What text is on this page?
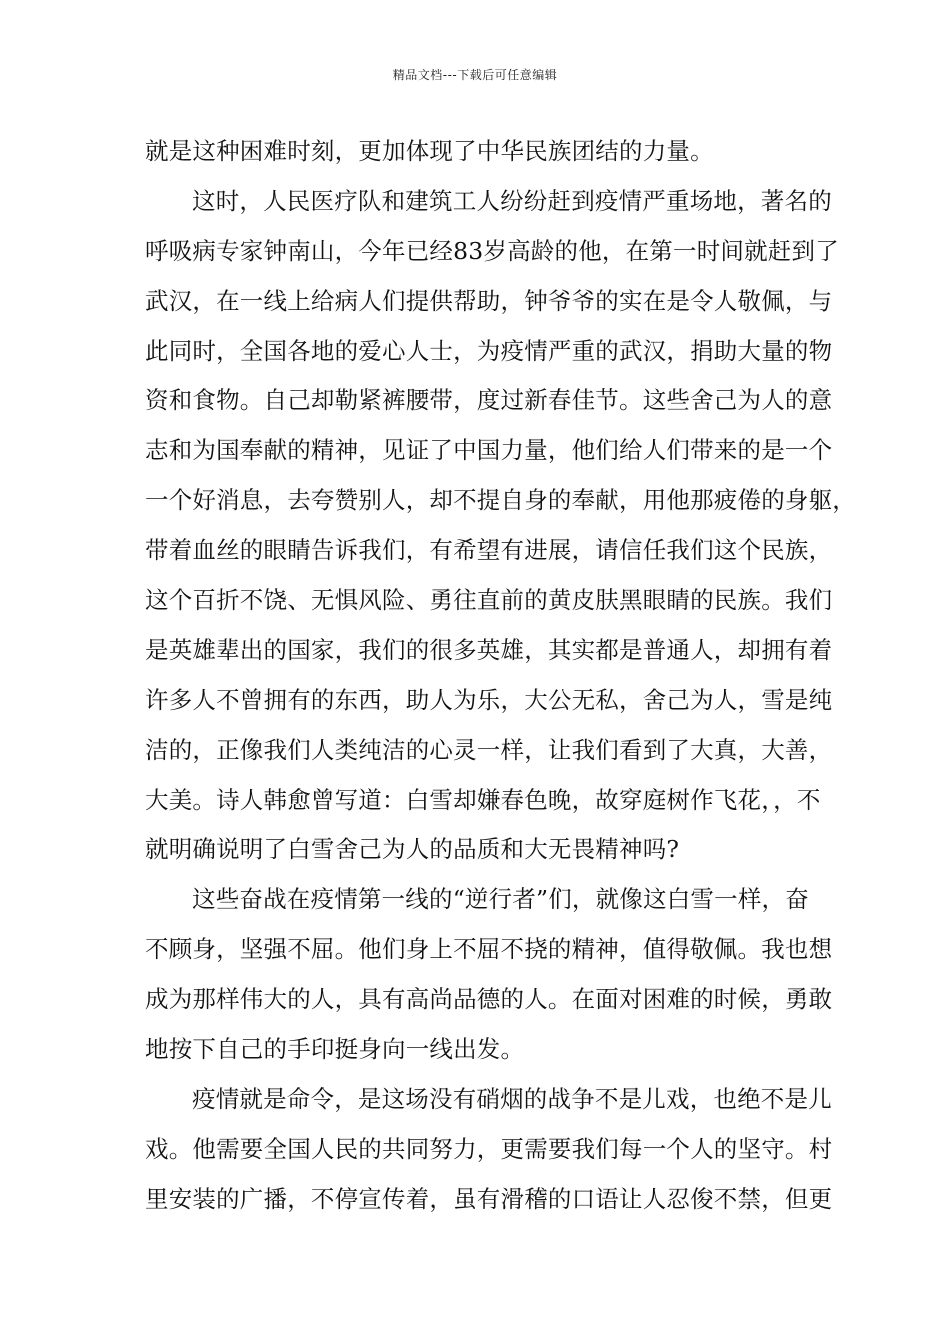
精品文档---下载后可任意编辑
就是这种困难时刻，更加体现了中华民族团结的力量。
这时，人民医疗队和建筑工人纷纷赶到疫情严重场地，著名的
呼吸病专家钟南山，今年已经83岁高龄的他，在第一时间就赶到了
武汉，在一线上给病人们提供帮助，钟爷爷的实在是令人敬佩，与
此同时，全国各地的爱心人士，为疫情严重的武汉，捐助大量的物
资和食物。自己却勒紧裤腰带，度过新春佳节。这些舍己为人的意
志和为国奉献的精神，见证了中国力量，他们给人们带来的是一个
一个好消息，去夸赞别人，却不提自身的奉献，用他那疲倦的身躯，
带着血丝的眼睛告诉我们，有希望有进展，请信任我们这个民族，
这个百折不饶、无惧风险、勇往直前的黄皮肤黑眼睛的民族。我们
是英雄辈出的国家，我们的很多英雄，其实都是普通人，却拥有着
许多人不曾拥有的东西，助人为乐，大公无私，舍己为人，雪是纯
洁的，正像我们人类纯洁的心灵一样，让我们看到了大真，大善，
大美。诗人韩愈曾写道：白雪却嫌春色晚，故穿庭树作飞花，，不
就明确说明了白雪舍己为人的品质和大无畏精神吗?
这些奋战在疫情第一线的“逆行者”们，就像这白雪一样，奋
不顾身，坚强不屈。他们身上不屈不挠的精神，值得敬佩。我也想
成为那样伟大的人，具有高尚品德的人。在面对困难的时候，勇敢
地按下自己的手印挺身向一线出发。
疫情就是命令，是这场没有硝烟的战争不是儿戏，也绝不是儿
戏。他需要全国人民的共同努力，更需要我们每一个人的坚守。村
里安装的广播，不停宣传着，虽有滑稽的口语让人忍俊不禁，但更
